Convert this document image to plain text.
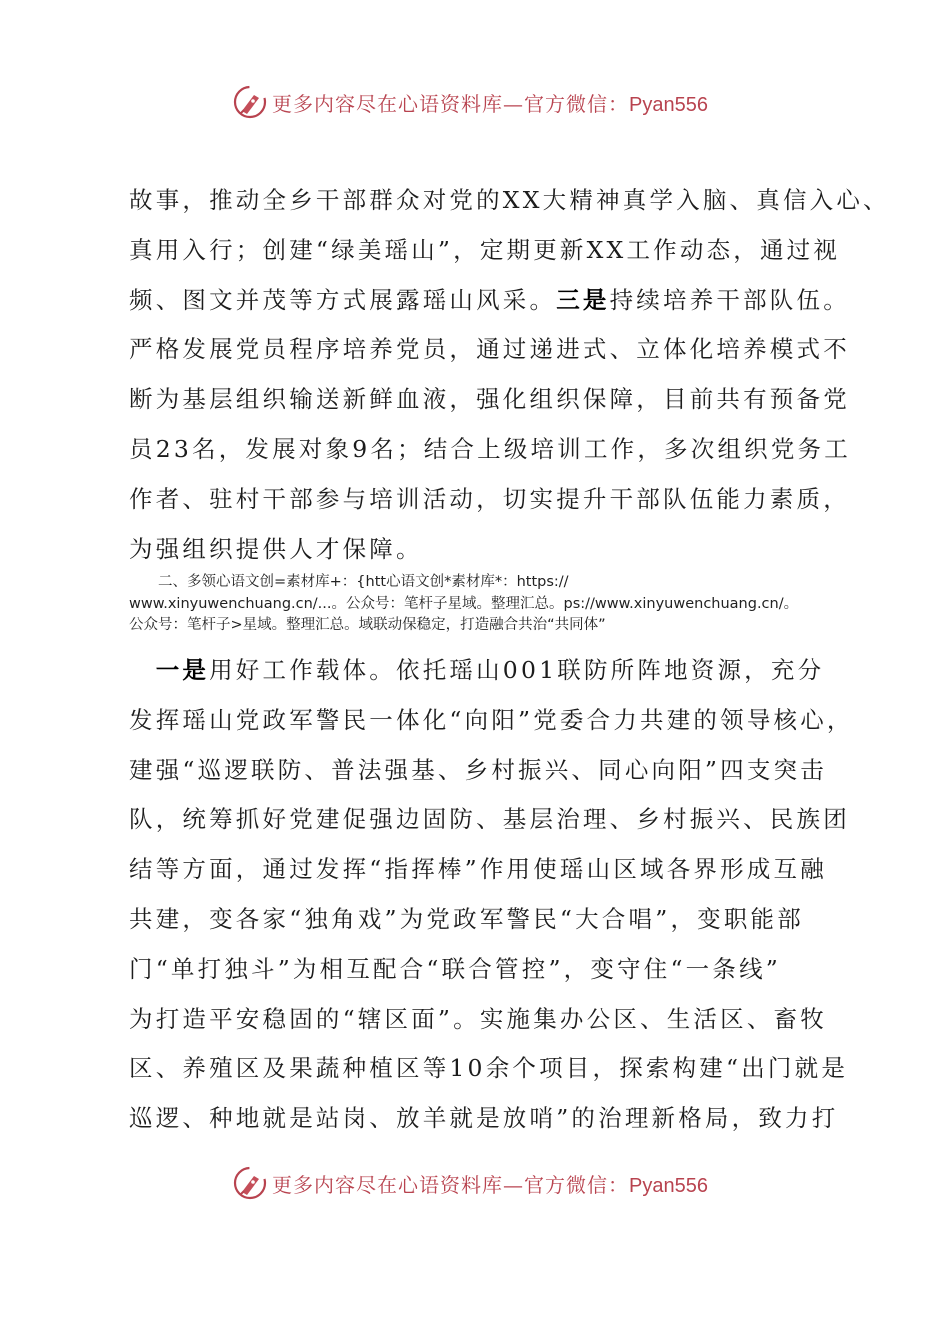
更多内容尽在心语资料库—官方微信：Pyan556
故事，推动全乡干部群众对党的XX大精神真学入脑、真信入心、
真用入行；创建“绿美瑶山”，定期更新XX工作动态，通过视
频、图文并茂等方式展露瑶山风采。三是持续培养干部队伍。
严格发展党员程序培养党员，通过递进式、立体化培养模式不
断为基层组织输送新鲜血液，强化组织保障，目前共有预备党
员23名，发展对象9名；结合上级培训工作，多次组织党务工
作者、驻村干部参与培训活动，切实提升干部队伍能力素质，
为强组织提供人才保障。
　　二、多领心语文创=素材库+：{htt心语文创*素材库*：https://
www.xinyuwenchuang.cn/...。公众号：笔杆子星域。整理汇总。ps://www.xinyuwenchuang.cn/。
公众号：笔杆子>星域。整理汇总。域联动保稳定，打造融合共治“共同体”
　一是用好工作载体。依托瑶山001联防所阵地资源，充分
发挥瑶山党政军警民一体化“向阳”党委合力共建的领导核心，
建强“巡逻联防、普法强基、乡村振兴、同心向阳”四支突击
队，统筹抓好党建促强边固防、基层治理、乡村振兴、民族团
结等方面，通过发挥“指挥棒”作用使瑶山区域各界形成互融
共建，变各家“独角戏”为党政军警民“大合唱”，变职能部
门“单打独斗”为相互配合“联合管控”，变守住“一条线”
为打造平安稳固的“辖区面”。实施集办公区、生活区、畜牧
区、养殖区及果蔬种植区等10余个项目，探索构建“出门就是
巡逻、种地就是站岗、放羊就是放哨”的治理新格局，致力打
更多内容尽在心语资料库—官方微信：Pyan556
